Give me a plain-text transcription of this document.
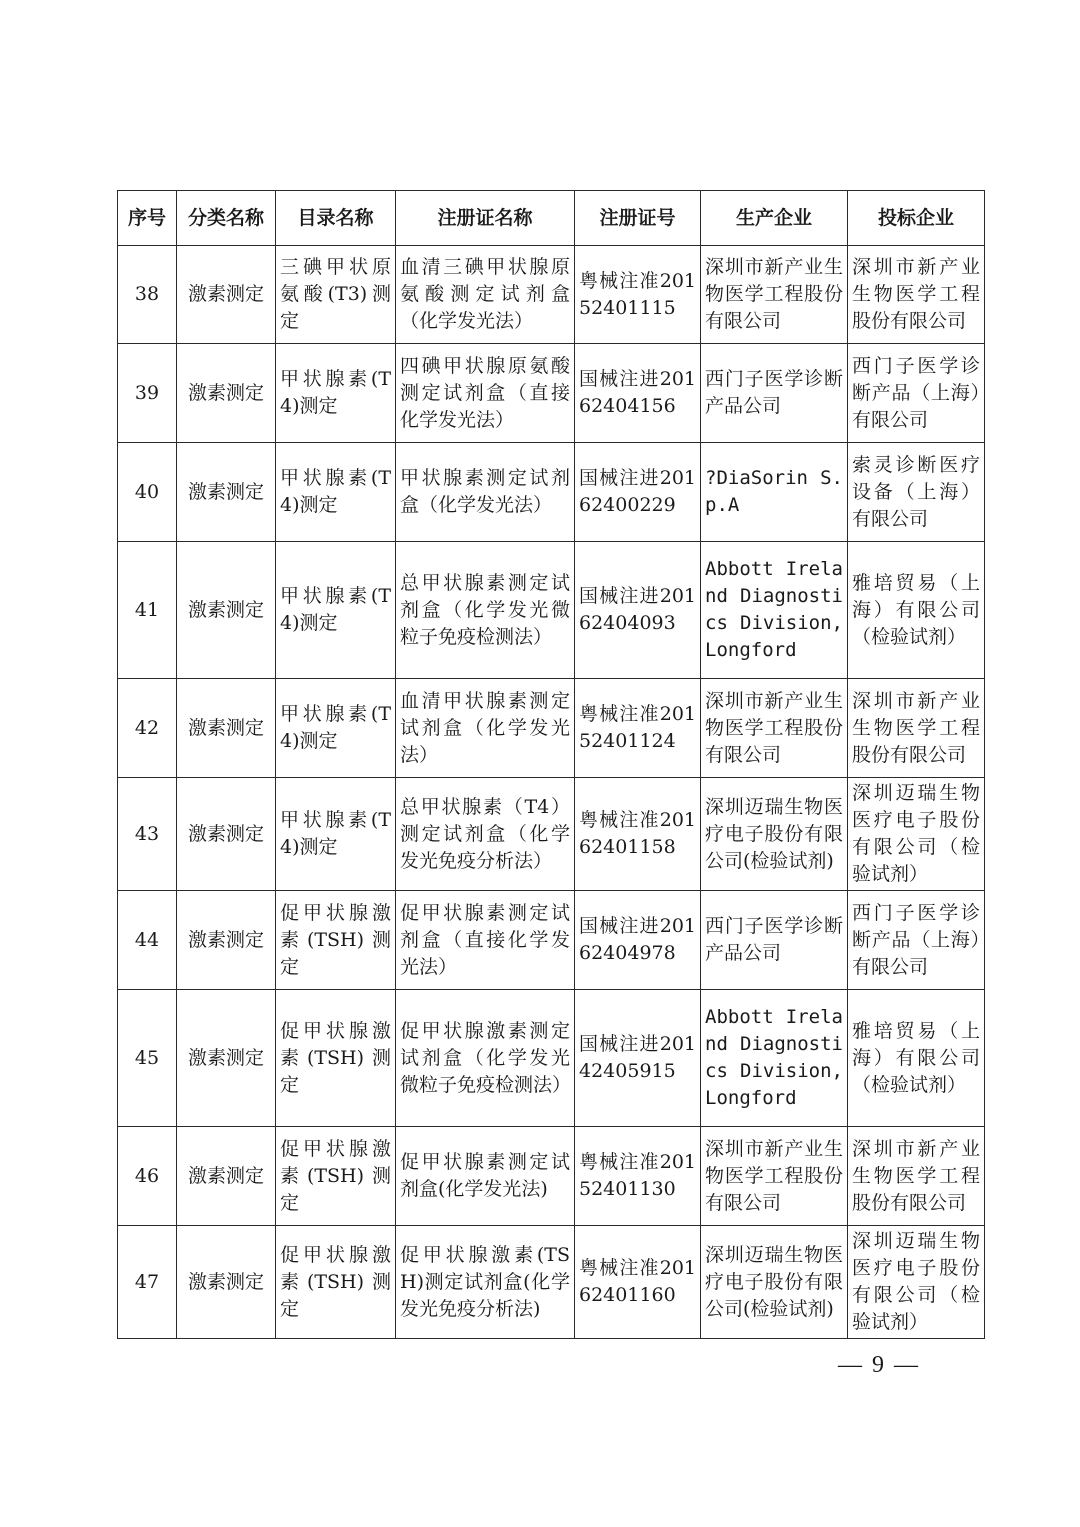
序号	分类名称	目录名称	注册证名称	注册证号	生产企业	投标企业
38	激素测定	三碘甲状原氨酸(T3)测定	血清三碘甲状腺原氨酸测定试剂盒（化学发光法）	粤械注准20152401115	深圳市新产业生物医学工程股份有限公司	深圳市新产业生物医学工程股份有限公司
39	激素测定	甲状腺素(T4)测定	四碘甲状腺原氨酸测定试剂盒（直接化学发光法）	国械注进20162404156	西门子医学诊断产品公司	西门子医学诊断产品（上海）有限公司
40	激素测定	甲状腺素(T4)测定	甲状腺素测定试剂盒（化学发光法）	国械注进20162400229	?DiaSorin S.p.A	索灵诊断医疗设备（上海）有限公司
41	激素测定	甲状腺素(T4)测定	总甲状腺素测定试剂盒（化学发光微粒子免疫检测法）	国械注进20162404093	Abbott Ireland Diagnostics Division, Longford	雅培贸易（上海）有限公司（检验试剂）
42	激素测定	甲状腺素(T4)测定	血清甲状腺素测定试剂盒（化学发光法）	粤械注准20152401124	深圳市新产业生物医学工程股份有限公司	深圳市新产业生物医学工程股份有限公司
43	激素测定	甲状腺素(T4)测定	总甲状腺素（T4）测定试剂盒（化学发光免疫分析法）	粤械注准20162401158	深圳迈瑞生物医疗电子股份有限公司(检验试剂)	深圳迈瑞生物医疗电子股份有限公司（检验试剂）
44	激素测定	促甲状腺激素(TSH)测定	促甲状腺素测定试剂盒（直接化学发光法）	国械注进20162404978	西门子医学诊断产品公司	西门子医学诊断产品（上海）有限公司
45	激素测定	促甲状腺激素(TSH)测定	促甲状腺激素测定试剂盒（化学发光微粒子免疫检测法）	国械注进20142405915	Abbott Ireland Diagnostics Division, Longford	雅培贸易（上海）有限公司（检验试剂）
46	激素测定	促甲状腺激素(TSH)测定	促甲状腺素测定试剂盒(化学发光法)	粤械注准20152401130	深圳市新产业生物医学工程股份有限公司	深圳市新产业生物医学工程股份有限公司
47	激素测定	促甲状腺激素(TSH)测定	促甲状腺激素(TSH)测定试剂盒(化学发光免疫分析法)	粤械注准20162401160	深圳迈瑞生物医疗电子股份有限公司(检验试剂)	深圳迈瑞生物医疗电子股份有限公司（检验试剂）
— 9 —
